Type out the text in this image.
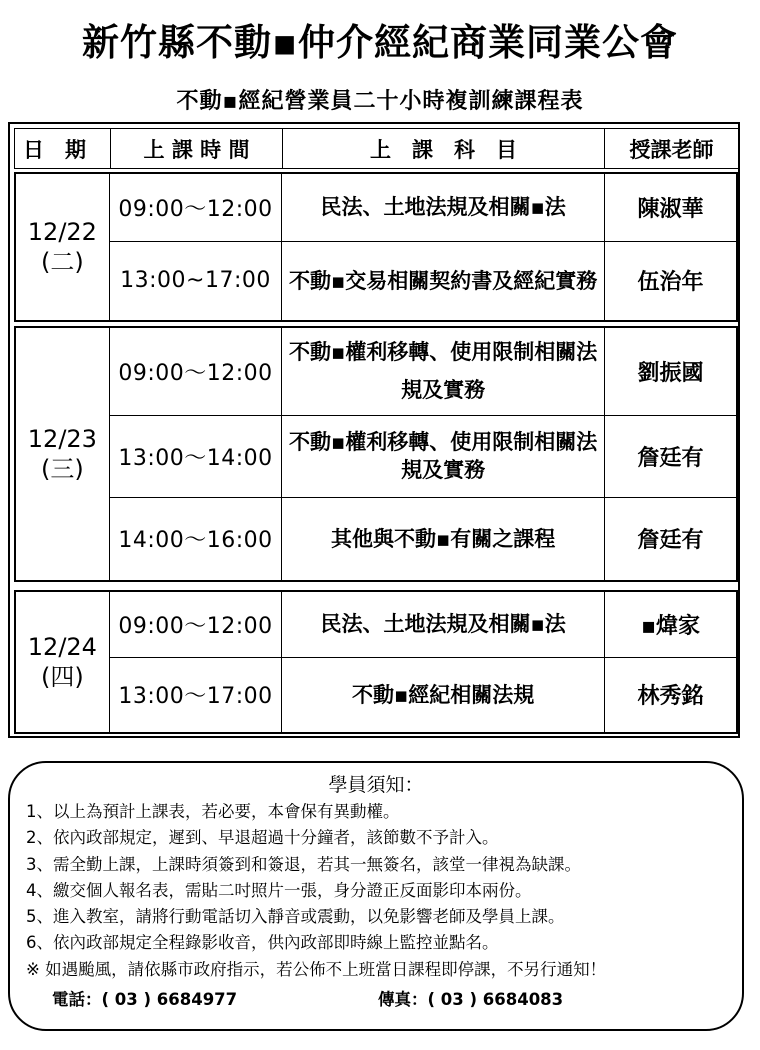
新竹縣不動▪仲介經紀商業同業公會
不動▪經紀營業員二十小時複訓練課程表
日　期	上 課 時 間	上　課　科　目	授課老師
12/22
(二)	09:00～12:00	民法、土地法規及相關▪法	陳淑華
	13:00~17:00	不動▪交易相關契約書及經紀實務	伍治年
12/23
(三)	09:00～12:00	不動▪權利移轉、使用限制相關法規及實務	劉振國
	13:00～14:00	不動▪權利移轉、使用限制相關法規及實務	詹廷有
	14:00～16:00	其他與不動▪有關之課程	詹廷有
12/24
(四)	09:00～12:00	民法、土地法規及相關▪法	▪煒家
	13:00～17:00	不動▪經紀相關法規	林秀銘
學員須知：
1、以上為預計上課表，若必要，本會保有異動權。
2、依內政部規定，遲到、早退超過十分鐘者，該節數不予計入。
3、需全勤上課，上課時須簽到和簽退，若其一無簽名，該堂一律視為缺課。
4、繳交個人報名表，需貼二吋照片一張，身分證正反面影印本兩份。
5、進入教室，請將行動電話切入靜音或震動，以免影響老師及學員上課。
6、依內政部規定全程錄影收音，供內政部即時線上監控並點名。
※ 如遇颱風，請依縣市政府指示，若公佈不上班當日課程即停課，不另行通知！
電話：( 03 ) 6684977	傳真：( 03 ) 6684083
